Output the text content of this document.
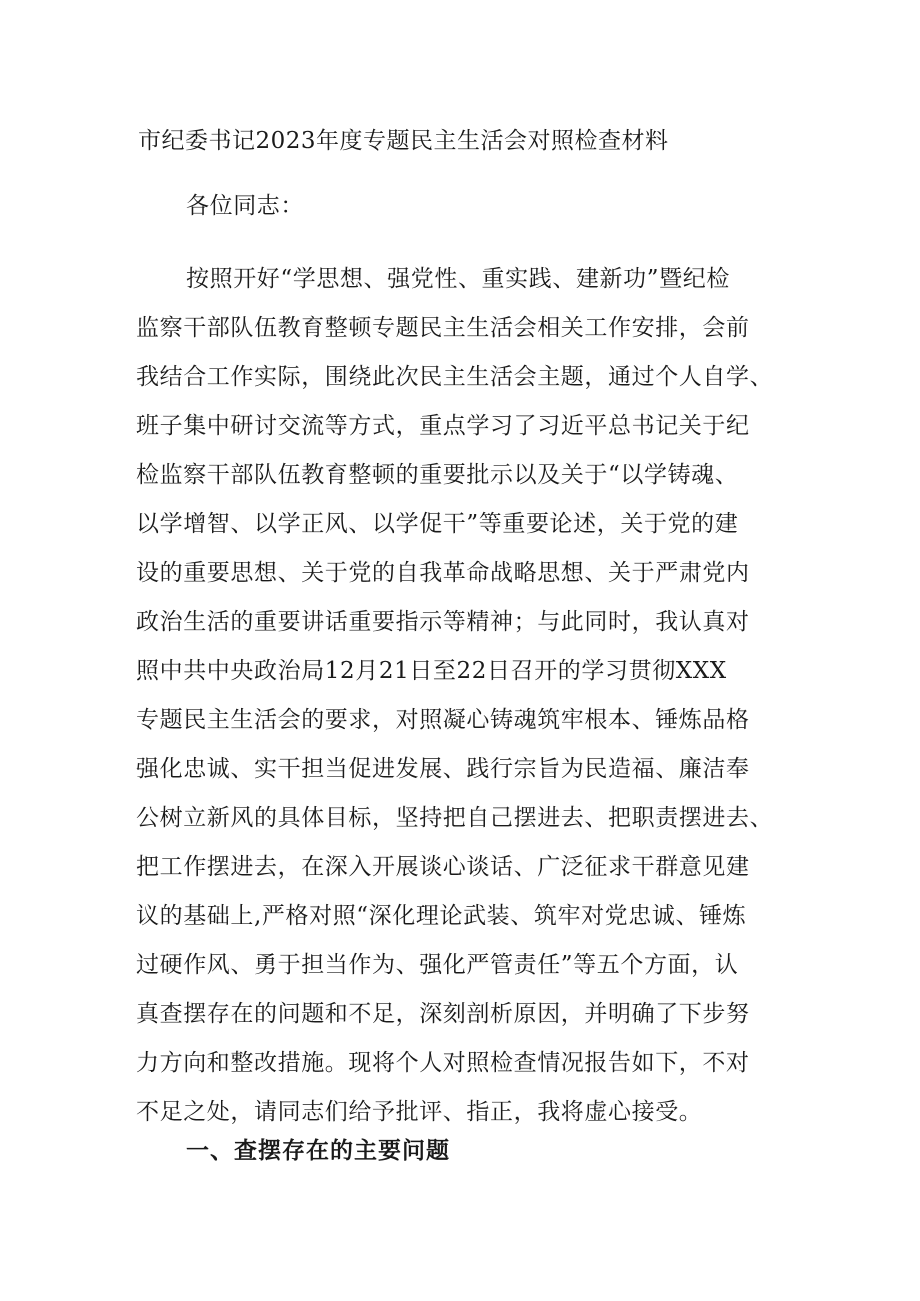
市纪委书记2023年度专题民主生活会对照检查材料

各位同志：

按照开好“学思想、强党性、重实践、建新功”暨纪检

监察干部队伍教育整顿专题民主生活会相关工作安排，会前

我结合工作实际，围绕此次民主生活会主题，通过个人自学、

班子集中研讨交流等方式，重点学习了习近平总书记关于纪

检监察干部队伍教育整顿的重要批示以及关于“以学铸魂、

以学增智、以学正风、以学促干”等重要论述，关于党的建

设的重要思想、关于党的自我革命战略思想、关于严肃党内

政治生活的重要讲话重要指示等精神；与此同时，我认真对

照中共中央政治局12月21日至22日召开的学习贯彻XXX

专题民主生活会的要求，对照凝心铸魂筑牢根本、锤炼品格

强化忠诚、实干担当促进发展、践行宗旨为民造福、廉洁奉

公树立新风的具体目标，坚持把自己摆进去、把职责摆进去、

把工作摆进去，在深入开展谈心谈话、广泛征求干群意见建

议的基础上,严格对照“深化理论武装、筑牢对党忠诚、锤炼

过硬作风、勇于担当作为、强化严管责任”等五个方面，认

真查摆存在的问题和不足，深刻剖析原因，并明确了下步努

力方向和整改措施。现将个人对照检查情况报告如下，不对

不足之处，请同志们给予批评、指正，我将虚心接受。

一、查摆存在的主要问题
